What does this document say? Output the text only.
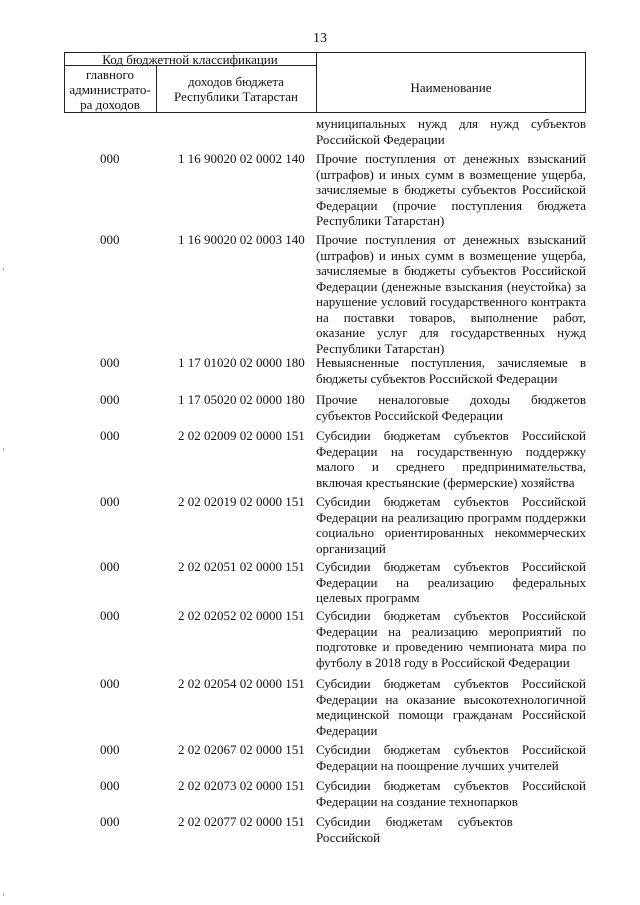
13
Код бюджетной классификации
главного администрато-ра доходов
доходов бюджета Республики Татарстан
Наименование
муниципальных нужд для нужд субъектов Российской Федерации
000	1 16 90020 02 0002 140 Прочие поступления от денежных взысканий (штрафов) и иных сумм в возмещение ущерба, зачисляемые в бюджеты субъектов Российской Федерации (прочие поступления бюджета Республики Татарстан)
000	1 16 90020 02 0003 140 Прочие поступления от денежных взысканий (штрафов) и иных сумм в возмещение ущерба, зачисляемые в бюджеты субъектов Российской Федерации (денежные взыскания (неустойка) за нарушение условий государственного контракта на поставки товаров, выполнение работ, оказание услуг для государственных нужд Республики Татарстан)
000	1 17 01020 02 0000 180 Невыясненные поступления, зачисляемые в бюджеты субъектов Российской Федерации
000	1 17 05020 02 0000 180 Прочие неналоговые доходы бюджетов субъектов Российской Федерации
000	2 02 02009 02 0000 151 Субсидии бюджетам субъектов Российской Федерации на государственную поддержку малого и среднего предпринимательства, включая крестьянские (фермерские) хозяйства
000	2 02 02019 02 0000 151 Субсидии бюджетам субъектов Российской Федерации на реализацию программ поддержки социально ориентированных некоммерческих организаций
000	2 02 02051 02 0000 151 Субсидии бюджетам субъектов Российской Федерации на реализацию федеральных целевых программ
000	2 02 02052 02 0000 151 Субсидии бюджетам субъектов Российской Федерации на реализацию мероприятий по подготовке и проведению чемпионата мира по футболу в 2018 году в Российской Федерации
000	2 02 02054 02 0000 151 Субсидии бюджетам субъектов Российской Федерации на оказание высокотехнологичной медицинской помощи гражданам Российской Федерации
000	2 02 02067 02 0000 151 Субсидии бюджетам субъектов Российской Федерации на поощрение лучших учителей
000	2 02 02073 02 0000 151 Субсидии бюджетам субъектов Российской Федерации на создание технопарков
000	2 02 02077 02 0000 151 Субсидии бюджетам субъектов Российской
